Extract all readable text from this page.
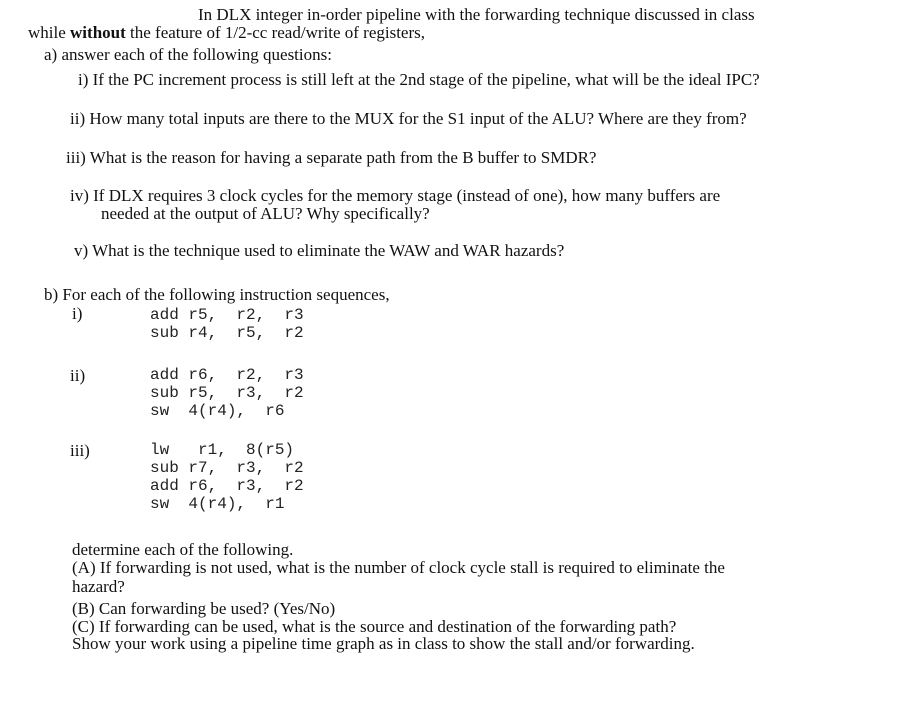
In DLX integer in-order pipeline with the forwarding technique discussed in class
while without the feature of 1/2-cc read/write of registers,
a) answer each of the following questions:
i) If the PC increment process is still left at the 2nd stage of the pipeline, what will be the ideal IPC?
ii) How many total inputs are there to the MUX for the S1 input of the ALU? Where are they from?
iii) What is the reason for having a separate path from the B buffer to SMDR?
iv) If DLX requires 3 clock cycles for the memory stage (instead of one), how many buffers are
needed at the output of ALU? Why specifically?
v) What is the technique used to eliminate the WAW and WAR hazards?
b) For each of the following instruction sequences,
i)	add r5,  r2,  r3
sub r4,  r5,  r2
ii)	add r6,  r2,  r3
sub r5,  r3,  r2
sw  4(r4),  r6
iii)	lw   r1,  8(r5)
sub r7,  r3,  r2
add r6,  r3,  r2
sw  4(r4),  r1
determine each of the following.
(A) If forwarding is not used, what is the number of clock cycle stall is required to eliminate the
hazard?
(B) Can forwarding be used? (Yes/No)
(C) If forwarding can be used, what is the source and destination of the forwarding path?
Show your work using a pipeline time graph as in class to show the stall and/or forwarding.
